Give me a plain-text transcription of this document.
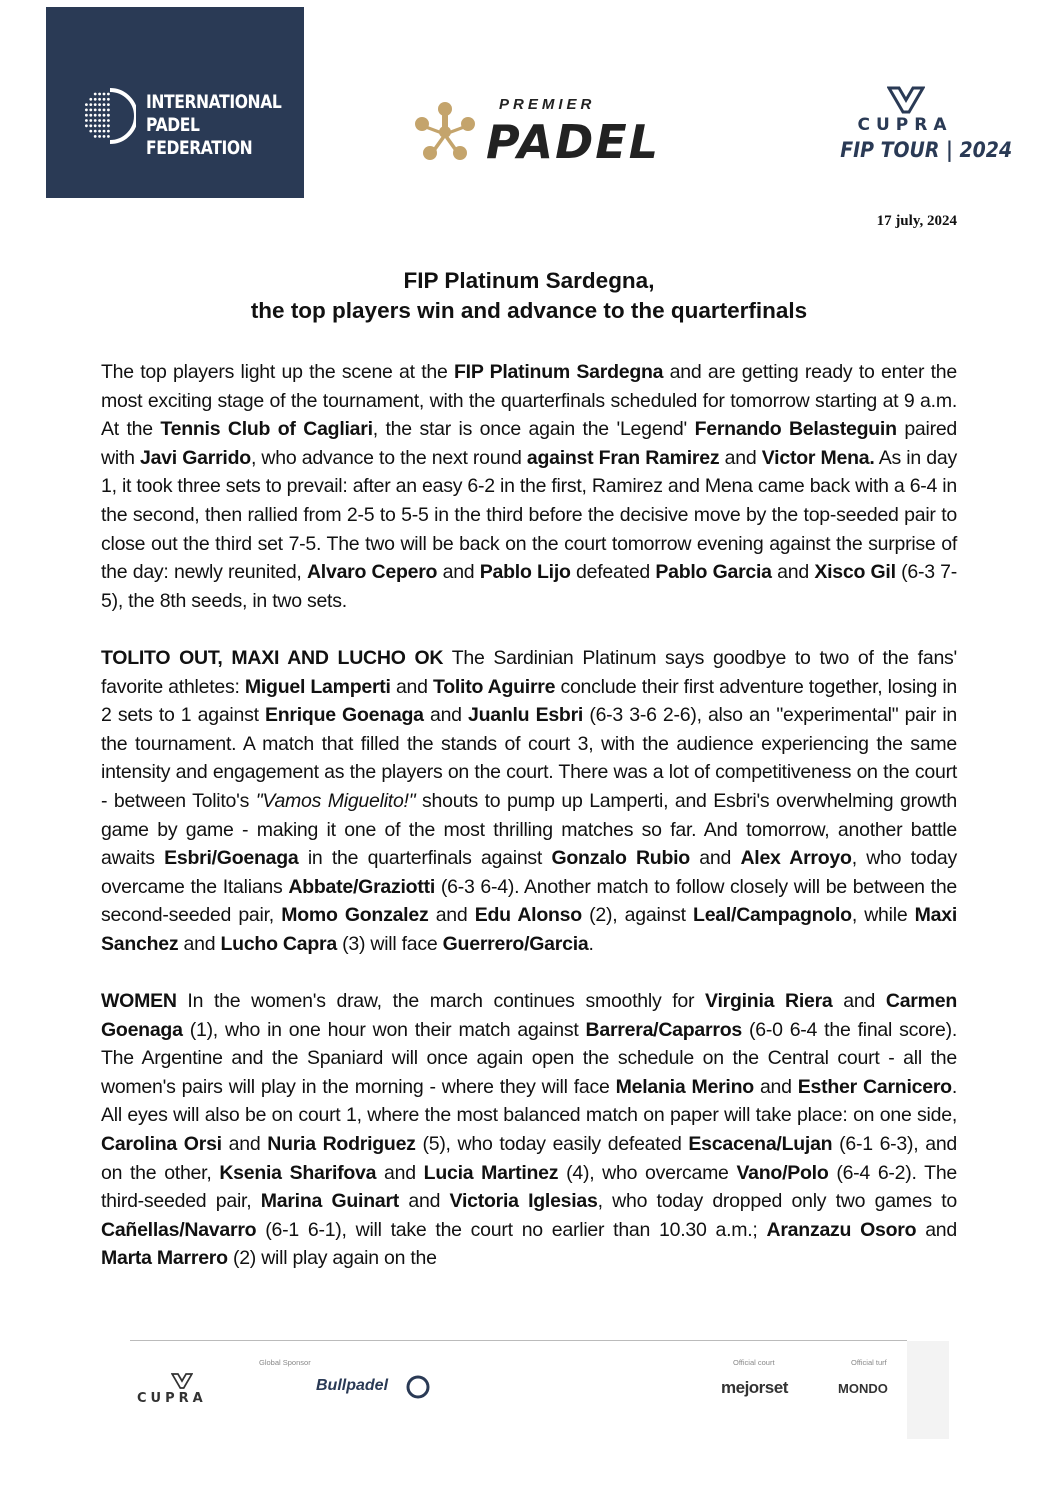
INTERNATIONAL
PADEL
FEDERATION
PREMIER
PADEL	CUPRA
FIP TOUR | 2024
17 july, 2024
FIP Platinum Sardegna,
the top players win and advance to the quarterfinals

The top players light up the scene at the FIP Platinum Sardegna and are getting ready to enter the most exciting stage of the tournament, with the quarterfinals scheduled for tomorrow starting at 9 a.m. At the Tennis Club of Cagliari, the star is once again the 'Legend' Fernando Belasteguin paired with Javi Garrido, who advance to the next round against Fran Ramirez and Victor Mena. As in day 1, it took three sets to prevail: after an easy 6-2 in the first, Ramirez and Mena came back with a 6-4 in the second, then rallied from 2-5 to 5-5 in the third before the decisive move by the top-seeded pair to close out the third set 7-5. The two will be back on the court tomorrow evening against the surprise of the day: newly reunited, Alvaro Cepero and Pablo Lijo defeated Pablo Garcia and Xisco Gil (6-3 7-5), the 8th seeds, in two sets.

TOLITO OUT, MAXI AND LUCHO OK The Sardinian Platinum says goodbye to two of the fans' favorite athletes: Miguel Lamperti and Tolito Aguirre conclude their first adventure together, losing in 2 sets to 1 against Enrique Goenaga and Juanlu Esbri (6-3 3-6 2-6), also an "experimental" pair in the tournament. A match that filled the stands of court 3, with the audience experiencing the same intensity and engagement as the players on the court. There was a lot of competitiveness on the court - between Tolito's "Vamos Miguelito!" shouts to pump up Lamperti, and Esbri's overwhelming growth game by game - making it one of the most thrilling matches so far. And tomorrow, another battle awaits Esbri/Goenaga in the quarterfinals against Gonzalo Rubio and Alex Arroyo, who today overcame the Italians Abbate/Graziotti (6-3 6-4). Another match to follow closely will be between the second-seeded pair, Momo Gonzalez and Edu Alonso (2), against Leal/Campagnolo, while Maxi Sanchez and Lucho Capra (3) will face Guerrero/Garcia.

WOMEN In the women's draw, the march continues smoothly for Virginia Riera and Carmen Goenaga (1), who in one hour won their match against Barrera/Caparros (6-0 6-4 the final score). The Argentine and the Spaniard will once again open the schedule on the Central court - all the women's pairs will play in the morning - where they will face Melania Merino and Esther Carnicero. All eyes will also be on court 1, where the most balanced match on paper will take place: on one side, Carolina Orsi and Nuria Rodriguez (5), who today easily defeated Escacena/Lujan (6-1 6-3), and on the other, Ksenia Sharifova and Lucia Martinez (4), who overcame Vano/Polo (6-4 6-2). The third-seeded pair, Marina Guinart and Victoria Iglesias, who today dropped only two games to Cañellas/Navarro (6-1 6-1), will take the court no earlier than 10.30 a.m.; Aranzazu Osoro and Marta Marrero (2) will play again on the

Global Sponsor
CUPRA
Bullpadel
Official court
mejorset
Official turf
MONDO
